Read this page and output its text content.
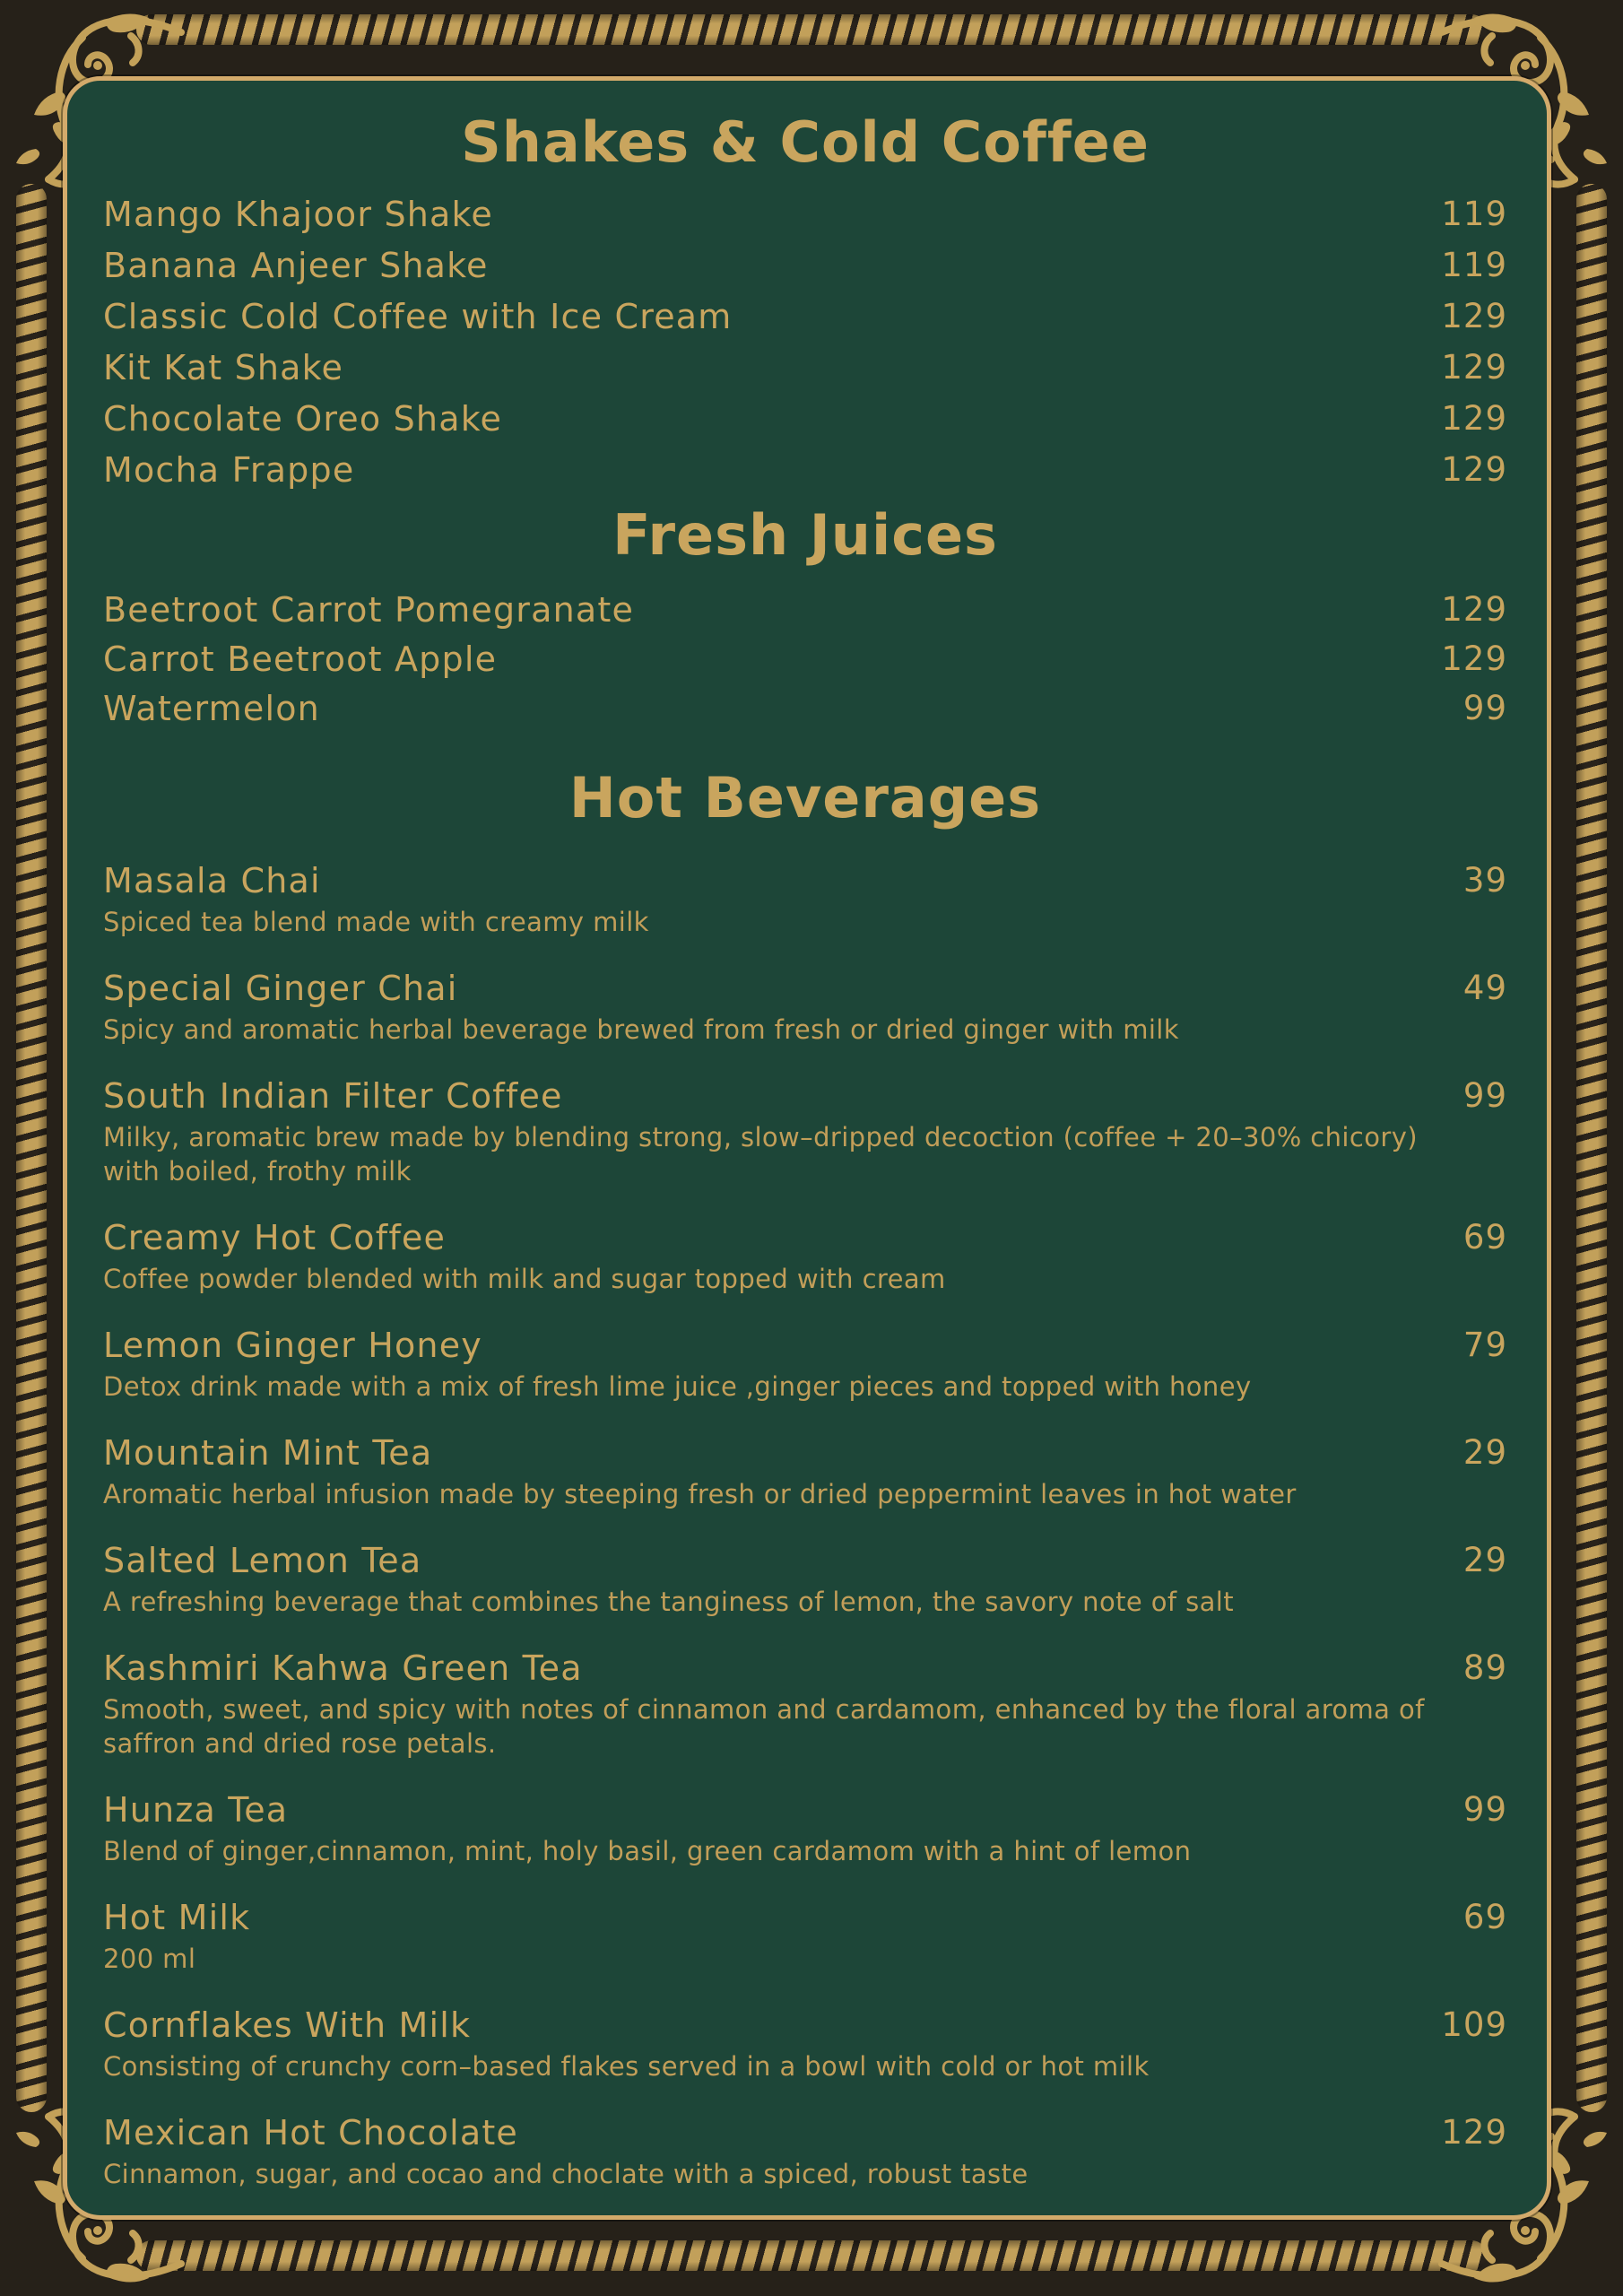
Shakes & Cold Coffee
Mango Khajoor Shake	119
Banana Anjeer Shake	119
Classic Cold Coffee with Ice Cream	129
Kit Kat Shake	129
Chocolate Oreo Shake	129
Mocha Frappe	129
Fresh Juices
Beetroot Carrot Pomegranate	129
Carrot Beetroot Apple	129
Watermelon	99
Hot Beverages
Masala Chai	39

Spiced tea blend made with creamy milk

Special Ginger Chai	49

Spicy and aromatic herbal beverage brewed from fresh or dried ginger with milk

South Indian Filter Coffee	99

Milky, aromatic brew made by blending strong, slow–dripped decoction (coffee + 20–30% chicory) with boiled, frothy milk

Creamy Hot Coffee	69

Coffee powder blended with milk and sugar topped with cream

Lemon Ginger Honey	79

Detox drink made with a mix of fresh lime juice ,ginger pieces and topped with honey

Mountain Mint Tea	29

Aromatic herbal infusion made by steeping fresh or dried peppermint leaves in hot water

Salted Lemon Tea	29

A refreshing beverage that combines the tanginess of lemon, the savory note of salt

Kashmiri Kahwa Green Tea	89

Smooth, sweet, and spicy with notes of cinnamon and cardamom, enhanced by the floral aroma of saffron and dried rose petals.

Hunza Tea	99

Blend of ginger,cinnamon, mint, holy basil, green cardamom with a hint of lemon

Hot Milk	69

200 ml

Cornflakes With Milk	109

Consisting of crunchy corn–based flakes served in a bowl with cold or hot milk

Mexican Hot Chocolate	129

Cinnamon, sugar, and cocao and choclate with a spiced, robust taste
